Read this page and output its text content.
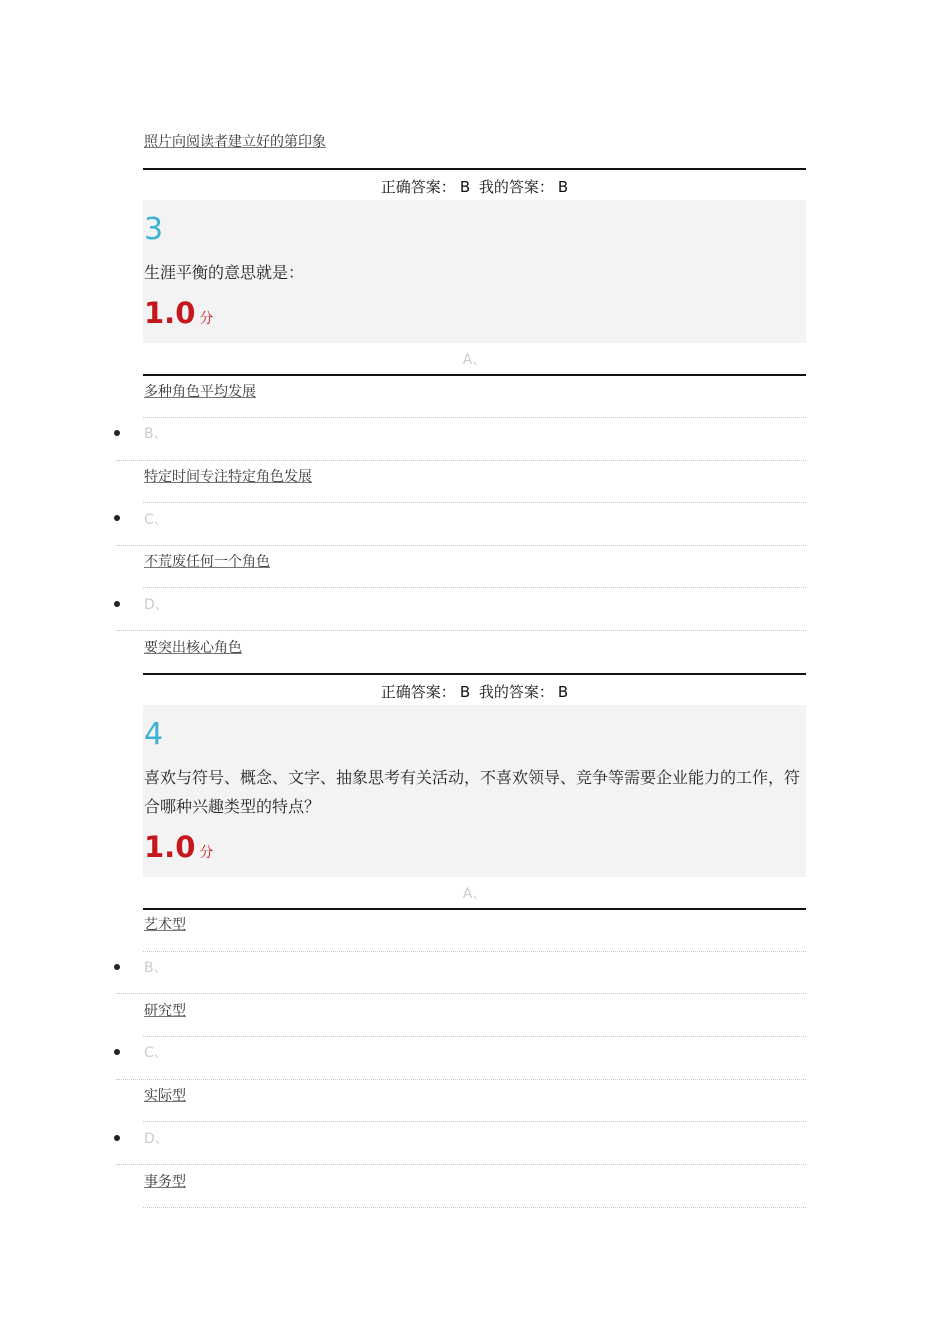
照片向阅读者建立好的第印象
正确答案： B 我的答案： B
3
生涯平衡的意思就是：
1.0 分
A、
多种角色平均发展
B、
特定时间专注特定角色发展
C、
不荒废任何一个角色
D、
要突出核心角色
正确答案： B 我的答案： B
4
喜欢与符号、概念、文字、抽象思考有关活动，不喜欢领导、竞争等需要企业能力的工作，符合哪种兴趣类型的特点？
1.0 分
A、
艺术型
B、
研究型
C、
实际型
D、
事务型
